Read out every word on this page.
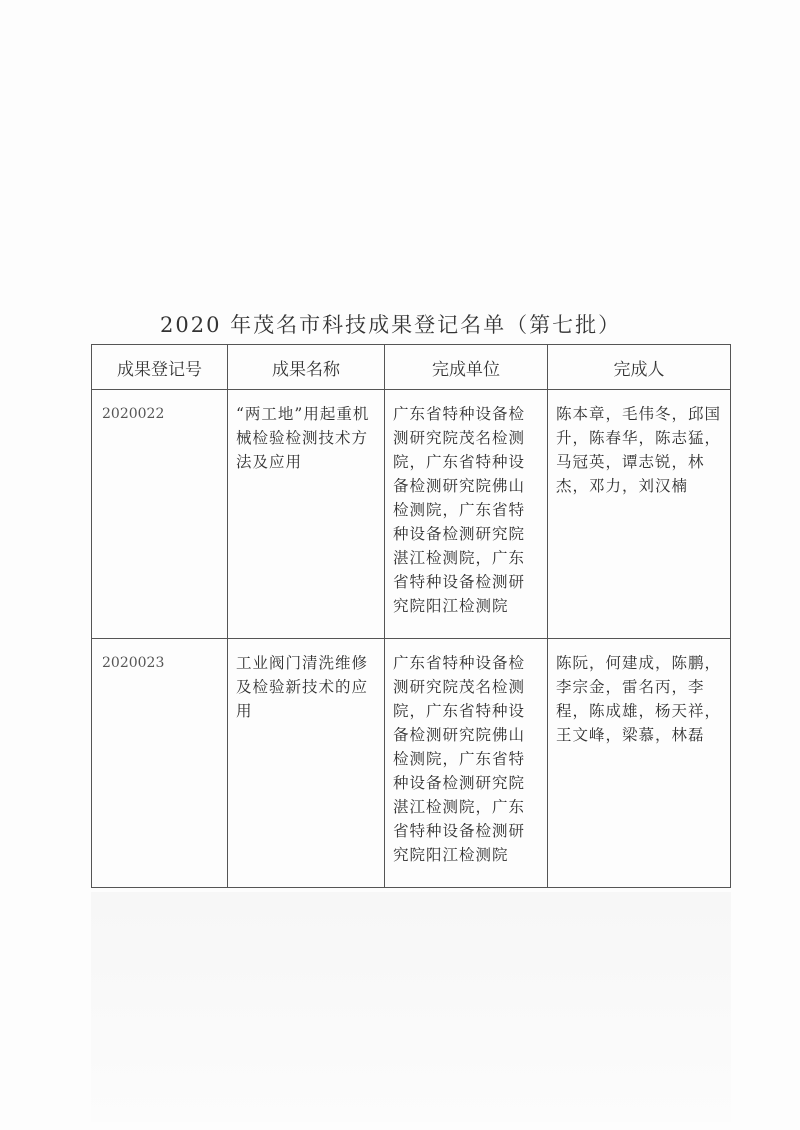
2020 年茂名市科技成果登记名单（第七批）
成果登记号	成果名称	完成单位	完成人
2020022	“两工地”用起重机械检验检测技术方法及应用	广东省特种设备检测研究院茂名检测院，广东省特种设备检测研究院佛山检测院，广东省特种设备检测研究院湛江检测院，广东省特种设备检测研究院阳江检测院	陈本章，毛伟冬，邱国升，陈春华，陈志猛，马冠英，谭志锐，林杰，邓力，刘汉楠
2020023	工业阀门清洗维修及检验新技术的应用	广东省特种设备检测研究院茂名检测院，广东省特种设备检测研究院佛山检测院，广东省特种设备检测研究院湛江检测院，广东省特种设备检测研究院阳江检测院	陈阮，何建成，陈鹏，李宗金，雷名丙，李程，陈成雄，杨天祥，王文峰，梁慕，林磊
